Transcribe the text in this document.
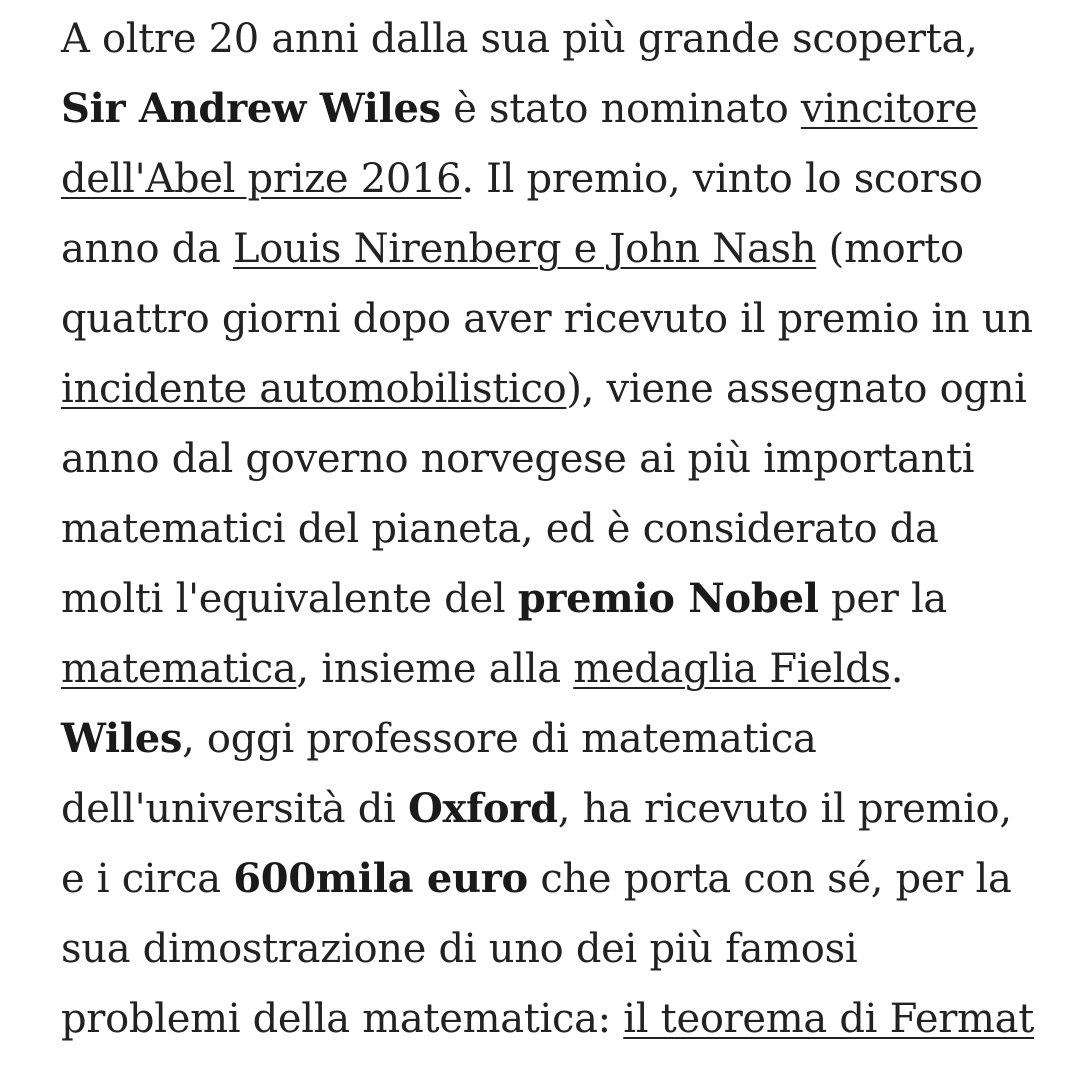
A oltre 20 anni dalla sua più grande scoperta, Sir Andrew Wiles è stato nominato vincitore dell'Abel prize 2016. Il premio, vinto lo scorso anno da Louis Nirenberg e John Nash (morto quattro giorni dopo aver ricevuto il premio in un incidente automobilistico), viene assegnato ogni anno dal governo norvegese ai più importanti matematici del pianeta, ed è considerato da molti l'equivalente del premio Nobel per la matematica, insieme alla medaglia Fields. Wiles, oggi professore di matematica dell'università di Oxford, ha ricevuto il premio, e i circa 600mila euro che porta con sé, per la sua dimostrazione di uno dei più famosi problemi della matematica: il teorema di Fermat
